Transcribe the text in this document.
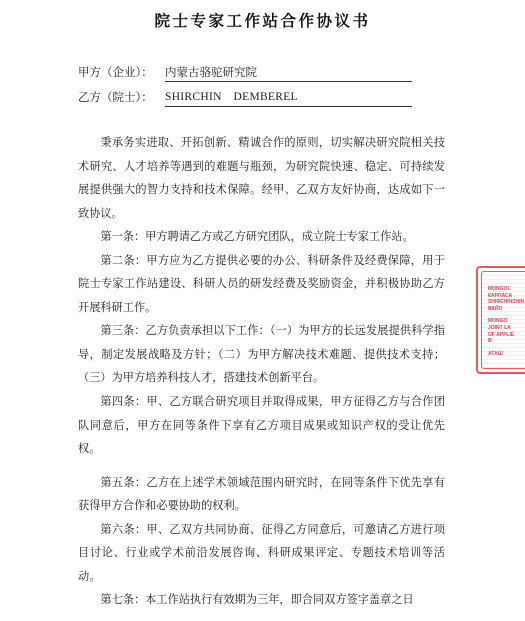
院士专家工作站合作协议书
甲方（企业）： 内蒙古骆驼研究院
乙方（院士）： SHIRCHIN　DEMBEREL

秉承务实进取、开拓创新、精诚合作的原则，切实解决研究院相关技术研究、人才培养等遇到的难题与瓶颈，为研究院快速、稳定、可持续发展提供强大的智力支持和技术保障。经甲、乙双方友好协商，达成如下一致协议。

第一条：甲方聘请乙方或乙方研究团队，成立院士专家工作站。

第二条：甲方应为乙方提供必要的办公、科研条件及经费保障，用于院士专家工作站建设、科研人员的研发经费及奖励资金，并积极协助乙方开展科研工作。

第三条：乙方负责承担以下工作：（一）为甲方的长远发展提供科学指导，制定发展战略及方针；（二）为甲方解决技术难题、提供技术支持；（三）为甲方培养科技人才，搭建技术创新平台。

第四条：甲、乙方联合研究项目并取得成果，甲方征得乙方与合作团队同意后，甲方在同等条件下享有乙方项目成果或知识产权的受让优先权。

第五条：乙方在上述学术领域范围内研究时，在同等条件下优先享有获得甲方合作和必要协助的权利。

第六条：甲、乙双方共同协商、征得乙方同意后，可邀请乙方进行项目讨论、行业或学术前沿发展咨询、科研成果评定、专题技术培训等活动。

第七条：本工作站执行有效期为三年，即合同双方签字盖章之日

MONGOL
КАРПАСА
SHIRCHINSHIN
ВАЙО
MONGO
JOINT LA
OF APPLIE
B
АТАШ
